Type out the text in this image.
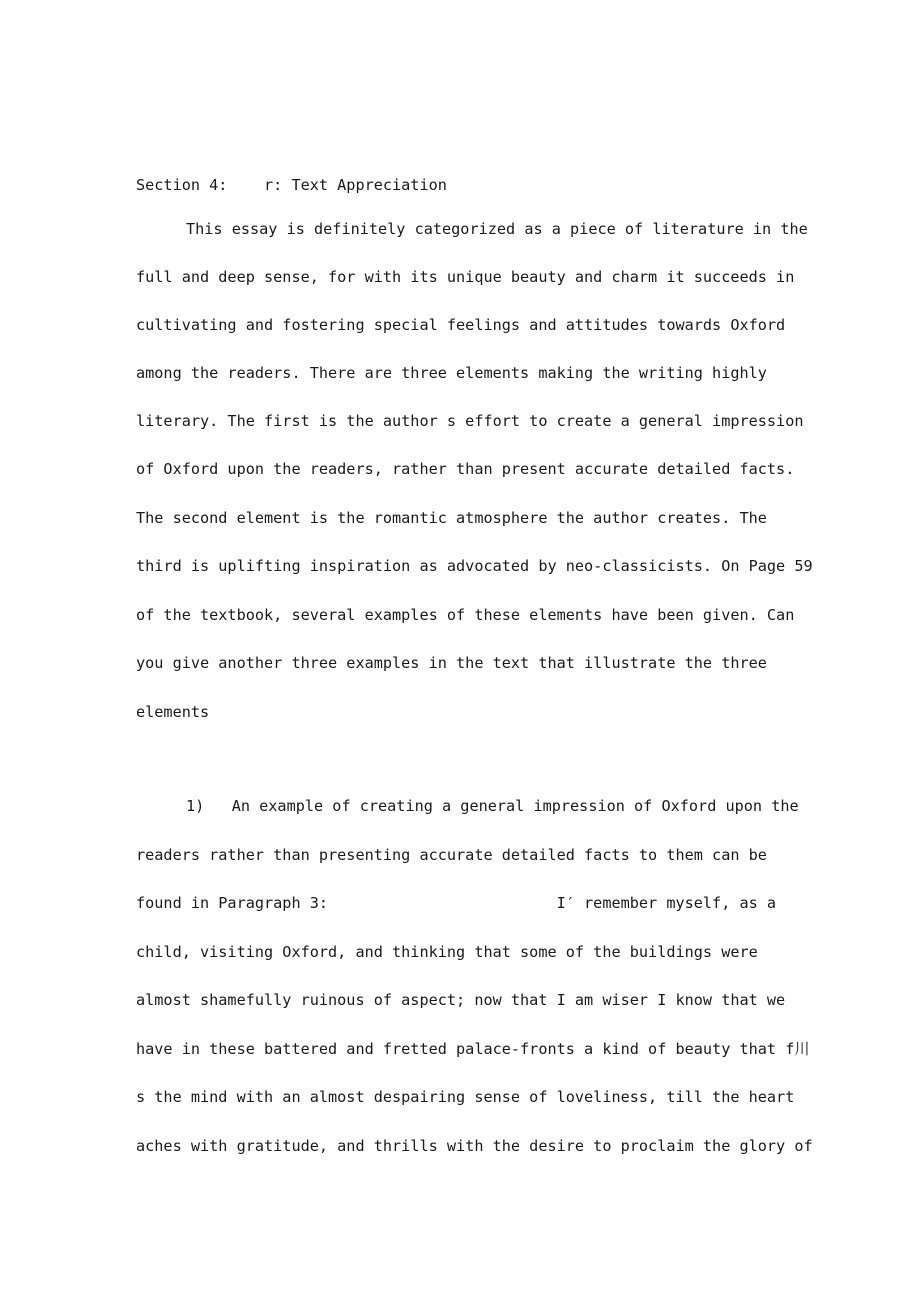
Section 4:    r: Text Appreciation
This essay is definitely categorized as a piece of literature in the
full and deep sense, for with its unique beauty and charm it succeeds in
cultivating and fostering special feelings and attitudes towards Oxford
among the readers. There are three elements making the writing highly
literary. The first is the author s effort to create a general impression
of Oxford upon the readers, rather than present accurate detailed facts.
The second element is the romantic atmosphere the author creates. The
third is uplifting inspiration as advocated by neo-classicists. On Page 59
of the textbook, several examples of these elements have been given. Can
you give another three examples in the text that illustrate the three
elements
1)   An example of creating a general impression of Oxford upon the
readers rather than presenting accurate detailed facts to them can be
found in Paragraph 3:                         I′ remember myself, as a
child, visiting Oxford, and thinking that some of the buildings were
almost shamefully ruinous of aspect; now that I am wiser I know that we
have in these battered and fretted palace-fronts a kind of beauty that f川
s the mind with an almost despairing sense of loveliness, till the heart
aches with gratitude, and thrills with the desire to proclaim the glory of
